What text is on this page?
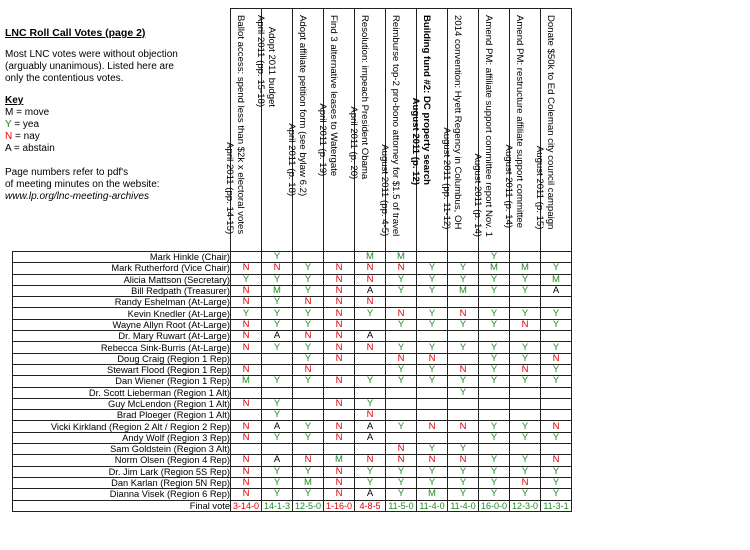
LNC Roll Call Votes (page 2)
Most LNC votes were without objection
(arguably unanimous). Listed here are
only the contentious votes.
Key
M = move
Y = yea
N = nay
A = abstain
Page numbers refer to pdf's
of meeting minutes on the website:
www.lp.org/lnc-meeting-archives

	Ballot access: spend less than $2k x electoral votes
April 2011 (pp. 14-15)	Adopt 2011 budget
April 2011 (pp. 15-18)	Adopt affiliate petition form (see bylaw 6.2)
April 2011 (p. 18)	Find 3 alternative leases to Watergate
April 2011 (p. 19)	Resolution: impeach President Obama
April 2011 (p. 20)	Reimburse top-2 pro-bono attorney for $1.5 of travel
August 2011 (pp. 4-5)	Building fund #2: DC property search
August 2011 (p. 12)	2014 convention: Hyett Regency in Columbus, OH
August 2011 (pp. 11-12)	Amend PM: affiliate support committee report Nov. 1
August 2011 (p. 14)	Amend PM: restructure affiliate support committee
August 2011 (p. 14)	Donate $50k to Ed Coleman city council campaign
August 2011 (p. 15)

Mark Hinkle (Chair)		Y			M	M			Y		
Mark Rutherford (Vice Chair)	N	N	Y	N	N	N	Y	Y	M	M	Y
Alicia Mattson (Secretary)	Y	Y	Y	N	N	Y	Y	Y	Y	Y	M
Bill Redpath (Treasurer)	N	M	Y	N	A	Y	Y	M	Y	Y	A
Randy Eshelman (At-Large)	N	Y	N	N	N						
Kevin Knedler (At-Large)	Y	Y	Y	N	Y	N	Y	N	Y	Y	Y
Wayne Allyn Root (At-Large)	N	Y	Y	N		Y	Y	Y	Y	N	Y
Dr. Mary Ruwart (At-Large)	N	A	N	N	A						
Rebecca Sink-Burris (At-Large)	N	Y	Y	N	N	Y	Y	Y	Y	Y	Y
Doug Craig (Region 1 Rep)			Y	N		N	N		Y	Y	N
Stewart Flood (Region 1 Rep)	N		N			Y	Y	N	Y	N	Y
Dan Wiener (Region 1 Rep)	M	Y	Y	N	Y	Y	Y	Y	Y	Y	Y
Dr. Scott Lieberman (Region 1 Alt)								Y			
Guy McLendon (Region 1 Alt)	N	Y		N	Y						
Brad Ploeger (Region 1 Alt)		Y			N						
Vicki Kirkland (Region 2 Alt / Region 2 Rep)	N	A	Y	N	A	Y	N	N	Y	Y	N
Andy Wolf (Region 3 Rep)	N	Y	Y	N	A				Y	Y	Y
Sam Goldstein (Region 3 Alt)						N	Y	Y			
Norm Olsen (Region 4 Rep)	N	A	N	M	N	N	N	N	Y	Y	N
Dr. Jim Lark (Region 5S Rep)	N	Y	Y	N	Y	Y	Y	Y	Y	Y	Y
Dan Karlan (Region 5N Rep)	N	Y	M	N	Y	Y	Y	Y	Y	N	Y
Dianna Visek (Region 6 Rep)	N	Y	Y	N	A	Y	M	Y	Y	Y	Y
Final vote	3-14-0	14-1-3	12-5-0	1-16-0	4-8-5	11-5-0	11-4-0	11-4-0	16-0-0	12-3-0	11-3-1
